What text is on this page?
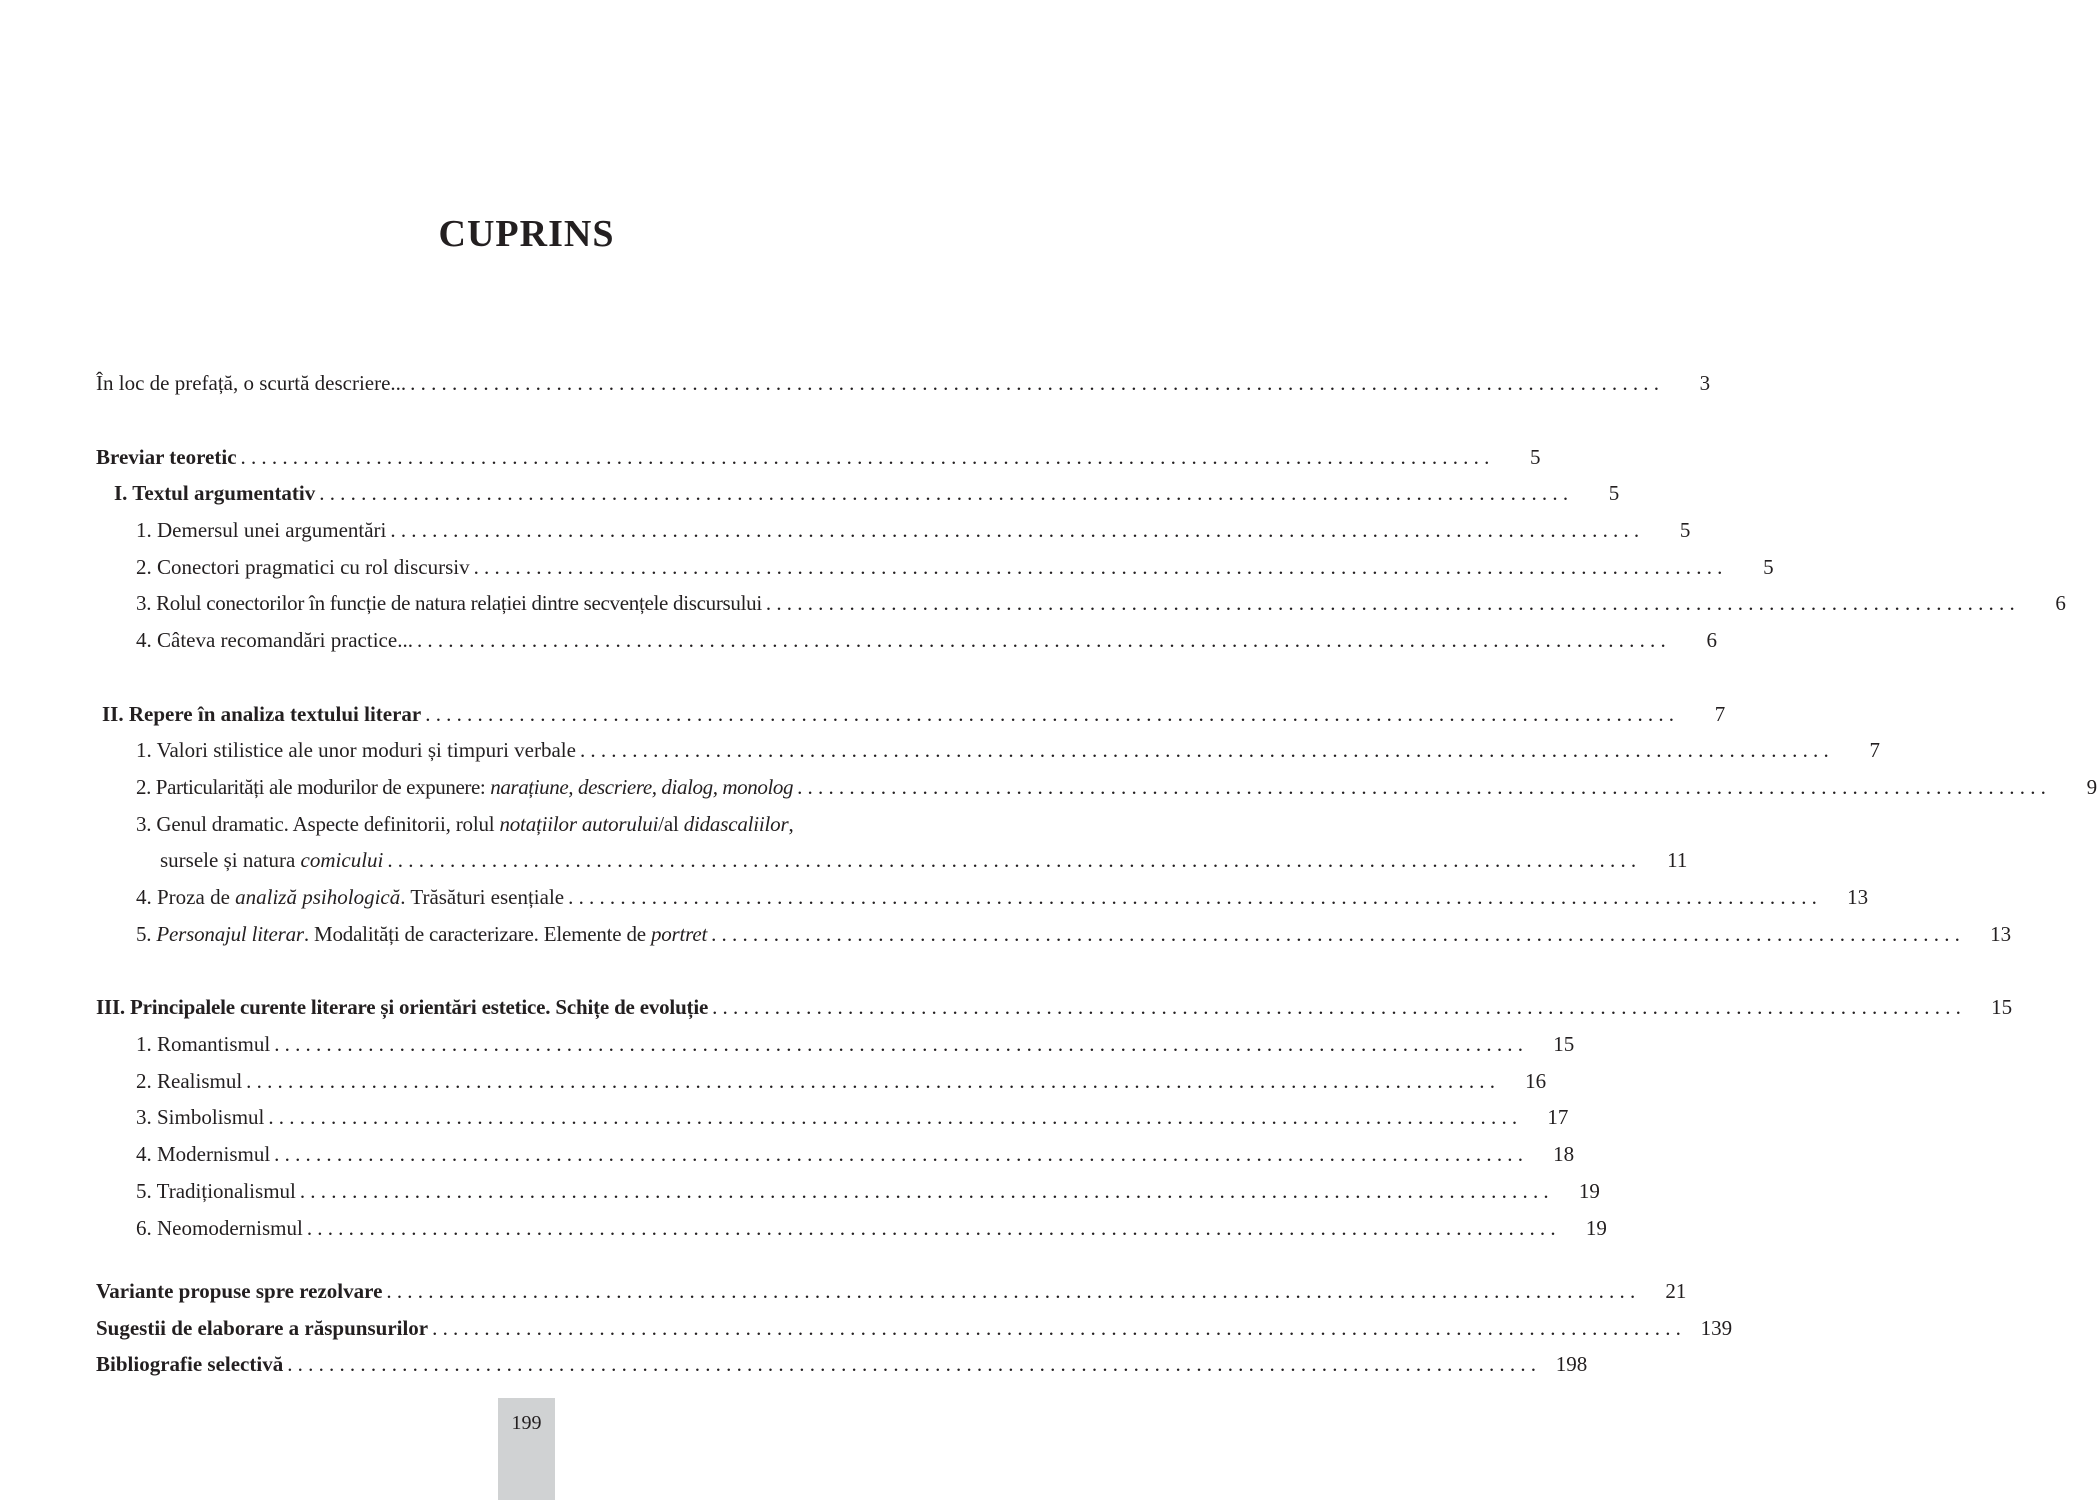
CUPRINS
În loc de prefață, o scurtă descriere... ........................................................................................................................	3
Breviar teoretic ........................................................................................................................	5
I. Textul argumentativ ........................................................................................................................	5
1. Demersul unei argumentări ........................................................................................................................	5
2. Conectori pragmatici cu rol discursiv ........................................................................................................................	5
3. Rolul conectorilor în funcție de natura relației dintre secvențele discursului ........................................................................................................................	6
4. Câteva recomandări practice... ........................................................................................................................	6
II. Repere în analiza textului literar ........................................................................................................................	7
1. Valori stilistice ale unor moduri și timpuri verbale ........................................................................................................................	7
2. Particularități ale modurilor de expunere: narațiune, descriere, dialog, monolog ........................................................................................................................	9
3. Genul dramatic. Aspecte definitorii, rolul notațiilor autorului/al didascaliilor,
sursele și natura comicului ........................................................................................................................	11
4. Proza de analiză psihologică. Trăsături esențiale ........................................................................................................................	13
5. Personajul literar. Modalități de caracterizare. Elemente de portret ........................................................................................................................	13
III. Principalele curente literare și orientări estetice. Schițe de evoluție ........................................................................................................................	15
1. Romantismul ........................................................................................................................	15
2. Realismul ........................................................................................................................	16
3. Simbolismul ........................................................................................................................	17
4. Modernismul ........................................................................................................................	18
5. Tradiționalismul ........................................................................................................................	19
6. Neomodernismul ........................................................................................................................	19
Variante propuse spre rezolvare ........................................................................................................................	21
Sugestii de elaborare a răspunsurilor ........................................................................................................................ 139
Bibliografie selectivă ........................................................................................................................ 198
199
